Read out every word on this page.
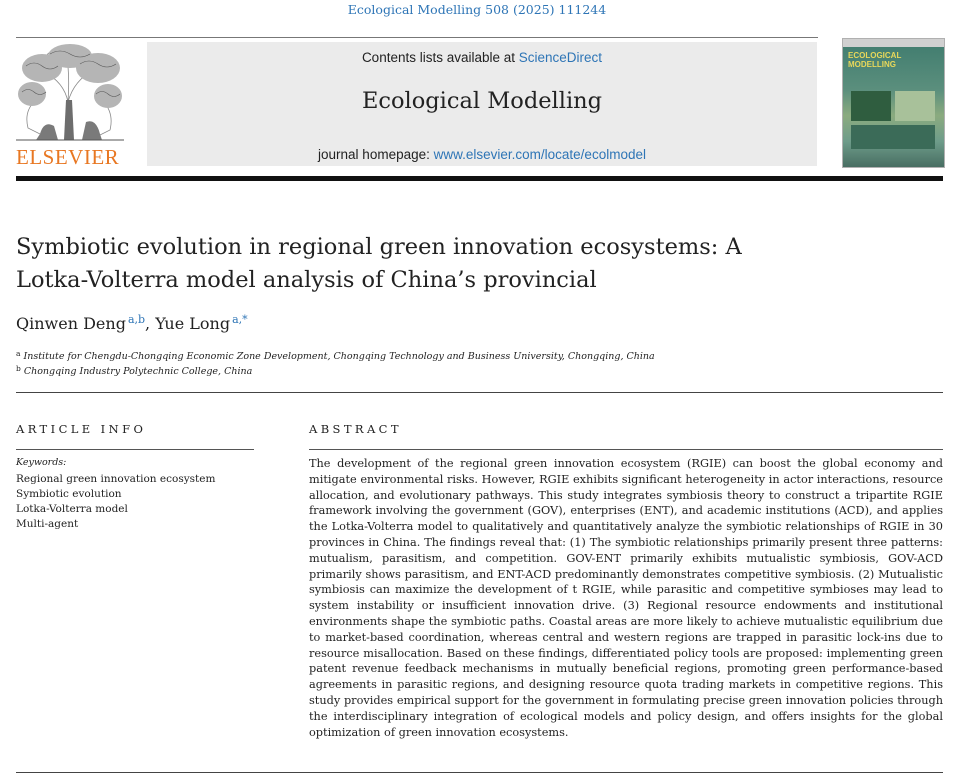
Ecological Modelling 508 (2025) 111244
ELSEVIER
Contents lists available at ScienceDirect
Ecological Modelling
journal homepage: www.elsevier.com/locate/ecolmodel
ECOLOGICAL MODELLING
Symbiotic evolution in regional green innovation ecosystems: A
Lotka-Volterra model analysis of China’s provincial
Qinwen Deng $^{a,b}$, Yue Long $^{a,*}$
$^a$ Institute for Chengdu-Chongqing Economic Zone Development, Chongqing Technology and Business University, Chongqing, China
$^b$ Chongqing Industry Polytechnic College, China
ARTICLE INFO
Keywords:
Regional green innovation ecosystem
Symbiotic evolution
Lotka-Volterra model
Multi-agent
ABSTRACT

The development of the regional green innovation ecosystem (RGIE) can boost the global economy and mitigate environmental risks. However, RGIE exhibits significant heterogeneity in actor interactions, resource allocation, and evolutionary pathways. This study integrates symbiosis theory to construct a tripartite RGIE framework involving the government (GOV), enterprises (ENT), and academic institutions (ACD), and applies the Lotka-Volterra model to qualitatively and quantitatively analyze the symbiotic relationships of RGIE in 30 provinces in China. The findings reveal that: (1) The symbiotic relationships primarily present three patterns: mutualism, parasitism, and competition. GOV-ENT primarily exhibits mutualistic symbiosis, GOV-ACD primarily shows parasitism, and ENT-ACD predominantly demonstrates competitive symbiosis. (2) Mutualistic symbiosis can maximize the development of t RGIE, while parasitic and competitive symbioses may lead to system instability or insufficient innovation drive. (3) Regional resource endowments and institutional environments shape the symbiotic paths. Coastal areas are more likely to achieve mutualistic equilibrium due to market-based coordination, whereas central and western regions are trapped in parasitic lock-ins due to resource misallocation. Based on these findings, differentiated policy tools are proposed: implementing green patent revenue feedback mechanisms in mutually beneficial regions, promoting green performance-based agreements in parasitic regions, and designing resource quota trading markets in competitive regions. This study provides empirical support for the government in formulating precise green innovation policies through the interdisciplinary integration of ecological models and policy design, and offers insights for the global optimization of green innovation ecosystems.
